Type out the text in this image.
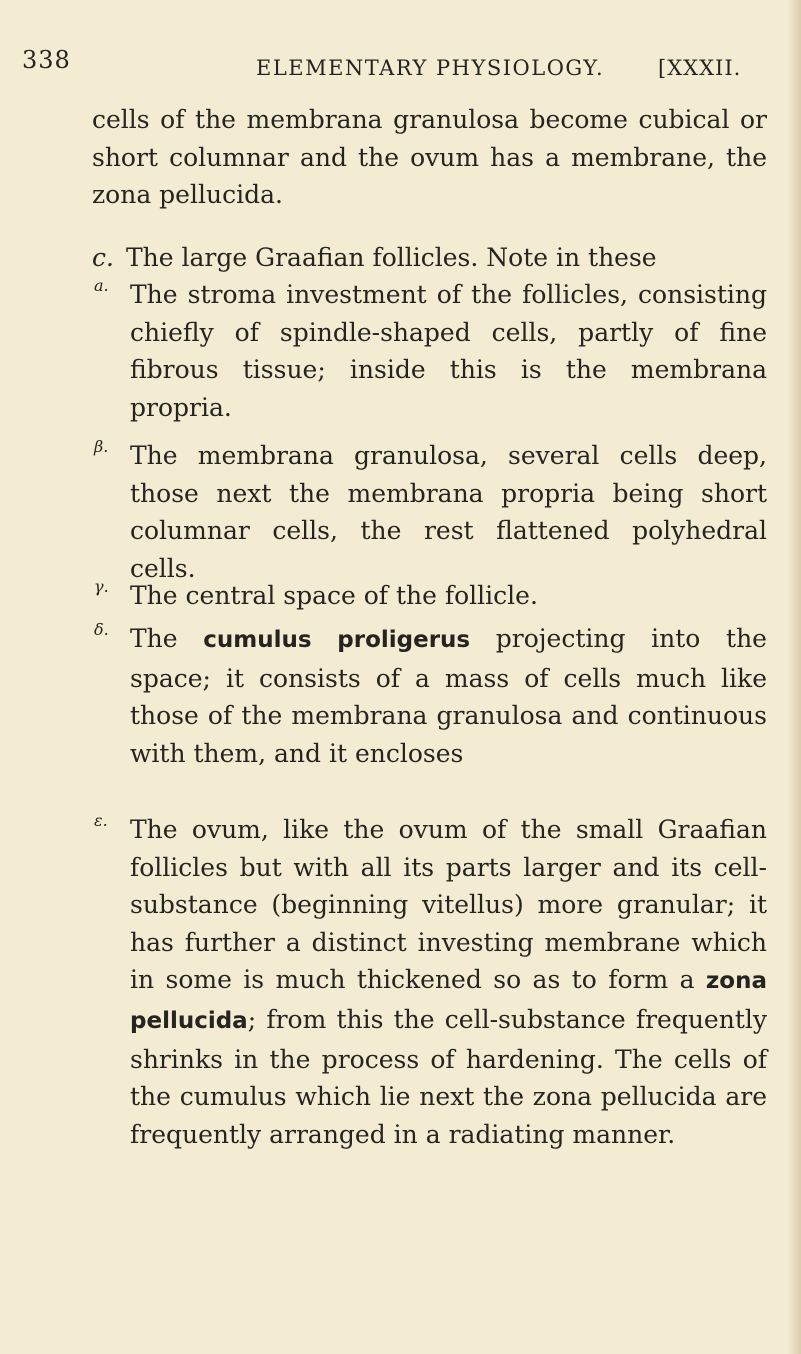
338	ELEMENTARY PHYSIOLOGY.	[XXXII.
cells of the membrana granulosa become cubical or short columnar and the ovum has a membrane, the zona pellucida.
c. The large Graafian follicles. Note in these
a. The stroma investment of the follicles, consisting chiefly of spindle-shaped cells, partly of fine fibrous tissue; inside this is the membrana propria.
β. The membrana granulosa, several cells deep, those next the membrana propria being short columnar cells, the rest flattened polyhedral cells.
γ. The central space of the follicle.
δ. The cumulus proligerus projecting into the space; it consists of a mass of cells much like those of the membrana granulosa and continuous with them, and it encloses
ε. The ovum, like the ovum of the small Graafian follicles but with all its parts larger and its cell-substance (beginning vitellus) more granular; it has further a distinct investing membrane which in some is much thickened so as to form a zona pellucida; from this the cell-substance frequently shrinks in the process of hardening. The cells of the cumulus which lie next the zona pellucida are frequently arranged in a radiating manner.
